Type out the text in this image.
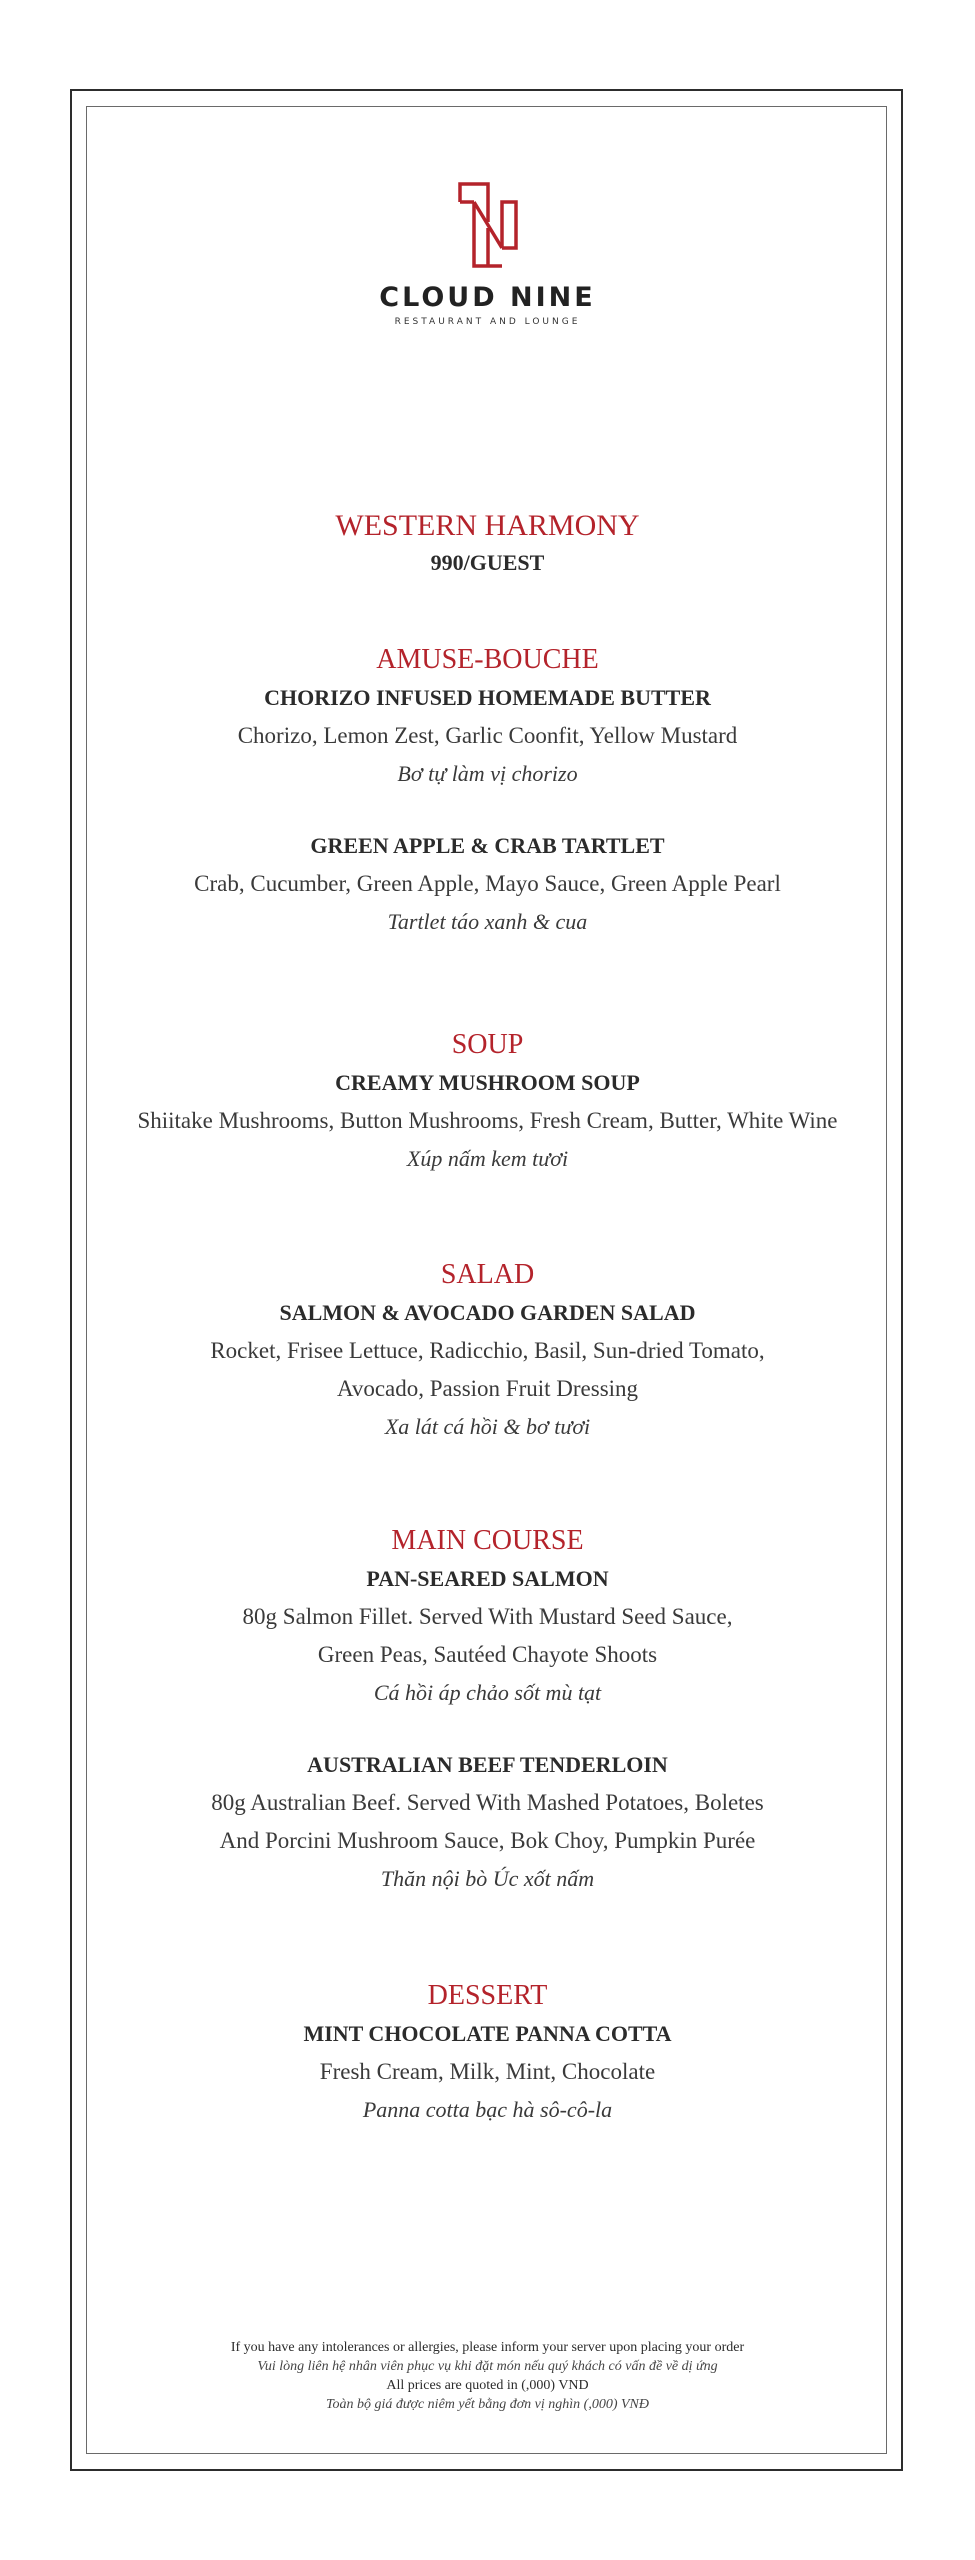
CLOUD NINE
RESTAURANT AND LOUNGE
WESTERN HARMONY
990/GUEST
AMUSE-BOUCHE
CHORIZO INFUSED HOMEMADE BUTTER
Chorizo, Lemon Zest, Garlic Coonfit, Yellow Mustard
Bơ tự làm vị chorizo
GREEN APPLE & CRAB TARTLET
Crab, Cucumber, Green Apple, Mayo Sauce, Green Apple Pearl
Tartlet táo xanh & cua
SOUP
CREAMY MUSHROOM SOUP
Shiitake Mushrooms, Button Mushrooms, Fresh Cream, Butter, White Wine
Xúp nấm kem tươi
SALAD
SALMON & AVOCADO GARDEN SALAD
Rocket, Frisee Lettuce, Radicchio, Basil, Sun-dried Tomato,
Avocado, Passion Fruit Dressing
Xa lát cá hồi & bơ tươi
MAIN COURSE
PAN-SEARED SALMON
80g Salmon Fillet. Served With Mustard Seed Sauce,
Green Peas, Sautéed Chayote Shoots
Cá hồi áp chảo sốt mù tạt
AUSTRALIAN BEEF TENDERLOIN
80g Australian Beef. Served With Mashed Potatoes, Boletes
And Porcini Mushroom Sauce, Bok Choy, Pumpkin Purée
Thăn nội bò Úc xốt nấm
DESSERT
MINT CHOCOLATE PANNA COTTA
Fresh Cream, Milk, Mint, Chocolate
Panna cotta bạc hà sô-cô-la
If you have any intolerances or allergies, please inform your server upon placing your order
Vui lòng liên hệ nhân viên phục vụ khi đặt món nếu quý khách có vấn đề về dị ứng
All prices are quoted in (,000) VND
Toàn bộ giá được niêm yết bằng đơn vị nghìn (,000) VNĐ
